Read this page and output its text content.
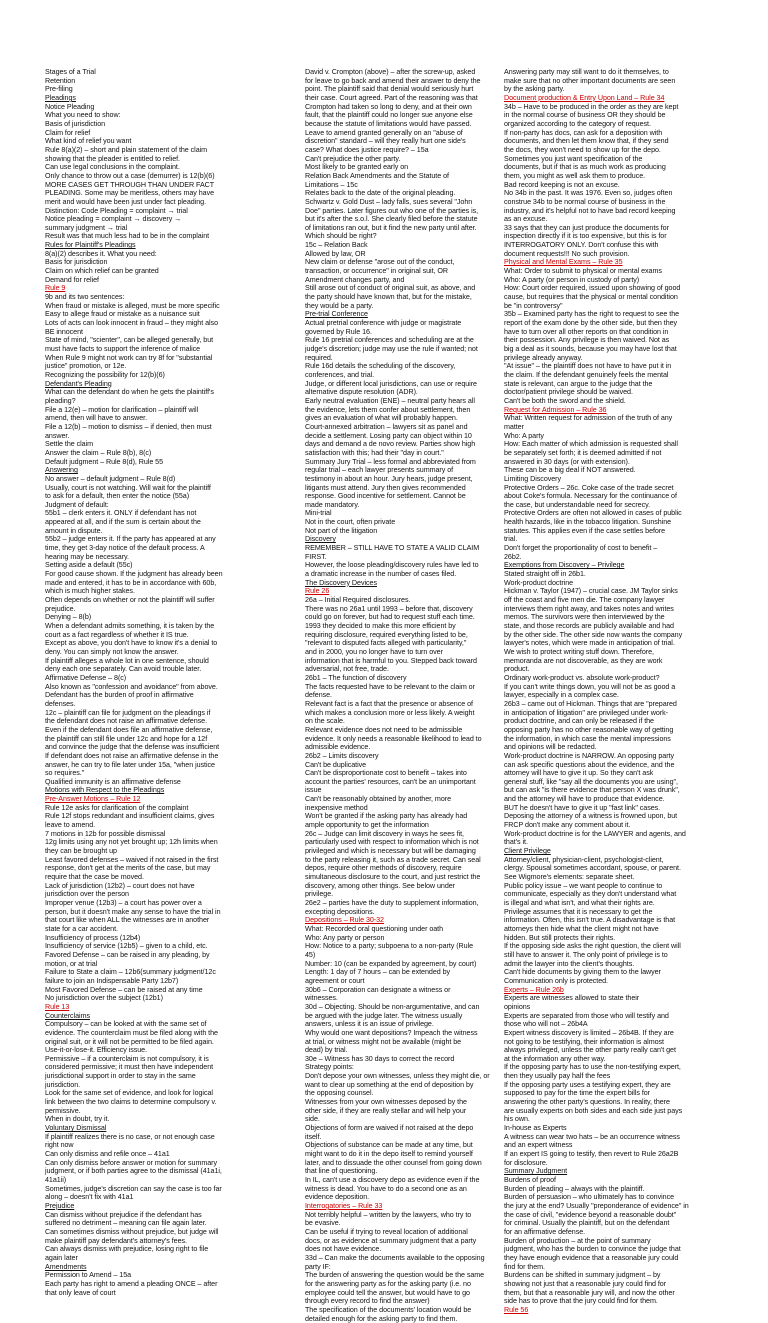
Stages of a Trial
Retention
Pre-filing
Pleadings
Notice Pleading
What you need to show:
Basis of jurisdiction
Claim for relief
What kind of relief you want
Rule 8(a)(2) – short and plain statement of the claim
showing that the pleader is entitled to relief.
Can use legal conclusions in the complaint.
Only chance to throw out a case (demurrer) is 12(b)(6)
MORE CASES GET THROUGH THAN UNDER FACT
PLEADING. Some may be meritless, others may have
merit and would have been just under fact pleading.
Distinction: Code Pleading = complaint → trial
Notice pleading = complaint → discovery →
summary judgment → trial
Result was that much less had to be in the complaint
Rules for Plaintiff's Pleadings
8(a)(2) describes it. What you need:
Basis for jurisdiction
Claim on which relief can be granted
Demand for relief
Rule 9
9b and its two sentences:
When fraud or mistake is alleged, must be more specific
Easy to allege fraud or mistake as a nuisance suit
Lots of acts can look innocent in fraud – they might also
BE innocent
State of mind, "scienter", can be alleged generally, but
must have facts to support the inference of malice
When Rule 9 might not work can try 8f for "substantial
justice" promotion, or 12e.
Recognizing the possibility for 12(b)(6)
Defendant's Pleading
What can the defendant do when he gets the plaintiff's
pleading?
File a 12(e) – motion for clarification – plaintiff will
amend, then will have to answer.
File a 12(b) – motion to dismiss – if denied, then must
answer.
Settle the claim
Answer the claim – Rule 8(b), 8(c)
Default judgment – Rule 8(d), Rule 55
Answering
No answer – default judgment – Rule 8(d)
Usually, court is not watching. Will wait for the plaintiff
to ask for a default, then enter the notice (55a)
Judgment of default:
55b1 – clerk enters it. ONLY if defendant has not
appeared at all, and if the sum is certain about the
amount in dispute.
55b2 – judge enters it. If the party has appeared at any
time, they get 3-day notice of the default process. A
hearing may be necessary.
Setting aside a default (55c)
For good cause shown. If the judgment has already been
made and entered, it has to be in accordance with 60b,
which is much higher stakes.
Often depends on whether or not the plaintiff will suffer
prejudice.
Denying – 8(b)
When a defendant admits something, it is taken by the
court as a fact regardless of whether it IS true.
Except as above, you don't have to know it's a denial to
deny. You can simply not know the answer.
If plaintiff alleges a whole lot in one sentence, should
deny each one separately. Can avoid trouble later.
Affirmative Defense – 8(c)
Also known as "confession and avoidance" from above.
Defendant has the burden of proof in affirmative
defenses.
12c – plaintiff can file for judgment on the pleadings if
the defendant does not raise an affirmative defense.
Even if the defendant does file an affirmative defense,
the plaintiff can still file under 12c and hope for a 12f
and convince the judge that the defense was insufficient
If defendant does not raise an affirmative defense in the
answer, he can try to file later under 15a, "when justice
so requires."
Qualified immunity is an affirmative defense
Motions with Respect to the Pleadings
Pre-Answer Motions – Rule 12
Rule 12e asks for clarification of the complaint
Rule 12f stops redundant and insufficient claims, gives
leave to amend.
7 motions in 12b for possible dismissal
12g limits using any not yet brought up; 12h limits when
they can be brought up
Least favored defenses – waived if not raised in the first
response, don't get at the merits of the case, but may
require that the case be moved.
Lack of jurisdiction (12b2) – court does not have
jurisdiction over the person
Improper venue (12b3) – a court has power over a
person, but it doesn't make any sense to have the trial in
that court like when ALL the witnesses are in another
state for a car accident.
Insufficiency of process (12b4)
Insufficiency of service (12b5) – given to a child, etc.
Favored Defense – can be raised in any pleading, by
motion, or at trial
Failure to State a claim – 12b6(summary judgment/12c
failure to join an Indispensable Party 12b7)
Most Favored Defense – can be raised at any time
No jurisdiction over the subject (12b1)
Rule 13
Counterclaims
Compulsory – can be looked at with the same set of
evidence. The counterclaim must be filed along with the
original suit, or it will not be permitted to be filed again.
Use-it-or-lose-it. Efficiency issue.
Permissive – if a counterclaim is not compulsory, it is
considered permissive; it must then have independent
jurisdictional support in order to stay in the same
jurisdiction.
Look for the same set of evidence, and look for logical
link between the two claims to determine compulsory v.
permissive.
When in doubt, try it.
Voluntary Dismissal
If plaintiff realizes there is no case, or not enough case
right now
Can only dismiss and refile once – 41a1
Can only dismiss before answer or motion for summary
judgment, or if both parties agree to the dismissal (41a1i,
41a1ii)
Sometimes, judge's discretion can say the case is too far
along – doesn't fix with 41a1
Prejudice
Can dismiss without prejudice if the defendant has
suffered no detriment – meaning can file again later.
Can sometimes dismiss without prejudice, but judge will
make plaintiff pay defendant's attorney's fees.
Can always dismiss with prejudice, losing right to file
again later
Amendments
Permission to Amend – 15a
Each party has right to amend a pleading ONCE – after
that only leave of court
David v. Crompton (above) – after the screw-up, asked
for leave to go back and amend their answer to deny the
point. The plaintiff said that denial would seriously hurt
their case. Court agreed. Part of the reasoning was that
Crompton had taken so long to deny, and at their own
fault, that the plaintiff could no longer sue anyone else
because the statute of limitations would have passed.
Leave to amend granted generally on an "abuse of
discretion" standard – will they really hurt one side's
case? What does justice require? – 15a
Can't prejudice the other party.
Most likely to be granted early on
Relation Back Amendments and the Statute of
Limitations – 15c
Relates back to the date of the original pleading.
Schwartz v. Gold Dust – lady falls, sues several "John
Doe" parties. Later figures out who one of the parties is,
but it's after the s.o.l. She clearly filed before the statute
of limitations ran out, but it find the new party until after.
Which should be right?
15c – Relation Back
Allowed by law, OR
New claim or defense "arose out of the conduct,
transaction, or occurrence" in original suit, OR
Amendment changes party, and
Still arose out of conduct of original suit, as above, and
the party should have known that, but for the mistake,
they would be a party.
Pre-trial Conference
Actual pretrial conference with judge or magistrate
governed by Rule 16.
Rule 16 pretrial conferences and scheduling are at the
judge's discretion; judge may use the rule if wanted; not
required.
Rule 16d details the scheduling of the discovery,
conferences, and trial.
Judge, or different local jurisdictions, can use or require
alternative dispute resolution (ADR).
Early neutral evaluation (ENE) – neutral party hears all
the evidence, lets them confer about settlement, then
gives an evaluation of what will probably happen.
Court-annexed arbitration – lawyers sit as panel and
decide a settlement. Losing party can object within 10
days and demand a de novo review. Parties show high
satisfaction with this; had their "day in court."
Summary Jury Trial – less formal and abbreviated from
regular trial – each lawyer presents summary of
testimony in about an hour. Jury hears, judge present,
litigants must attend. Jury then gives recommended
response. Good incentive for settlement. Cannot be
made mandatory.
Mini-trial
Not in the court, often private
Not part of the litigation
Discovery
REMEMBER – STILL HAVE TO STATE A VALID CLAIM FIRST.
However, the loose pleading/discovery rules have led to
a dramatic increase in the number of cases filed.
The Discovery Devices
Rule 26
26a – Initial Required disclosures.
There was no 26a1 until 1993 – before that, discovery
could go on forever, but had to request stuff each time.
1993 they decided to make this more efficient by
requiring disclosure, required everything listed to be,
"relevant to disputed facts alleged with particularity,"
and in 2000, you no longer have to turn over
information that is harmful to you. Stepped back toward
adversarial, not free, trade.
26b1 – The function of discovery
The facts requested have to be relevant to the claim or
defense.
Relevant fact is a fact that the presence or absence of
which makes a conclusion more or less likely. A weight
on the scale.
Relevant evidence does not need to be admissible
evidence. It only needs a reasonable likelihood to lead to
admissible evidence.
26b2 – Limits discovery
Can't be duplicative
Can't be disproportionate cost to benefit – takes into
account the parties' resources, can't be an unimportant
issue
Can't be reasonably obtained by another, more
inexpensive method
Won't be granted if the asking party has already had
ample opportunity to get the information
26c – Judge can limit discovery in ways he sees fit,
particularly used with respect to information which is not
privileged and which is necessary but will be damaging
to the party releasing it, such as a trade secret. Can seal
depos, require other methods of discovery, require
simultaneous disclosure to the court, and just restrict the
discovery, among other things. See below under
privilege.
26e2 – parties have the duty to supplement information,
excepting depositions.
Depositions – Rule 30-32
What: Recorded oral questioning under oath
Who: Any party or person
How: Notice to a party; subpoena to a non-party (Rule
45)
Number: 10 (can be expanded by agreement, by court)
Length: 1 day of 7 hours – can be extended by
agreement or court
30b6 – Corporation can designate a witness or
witnesses.
30d – Objecting. Should be non-argumentative, and can
be argued with the judge later. The witness usually
answers, unless it is an issue of privilege.
Why would one want depositions? Impeach the witness
at trial, or witness might not be available (might be
dead) by trial.
30e – Witness has 30 days to correct the record
Strategy points:
Don't depose your own witnesses, unless they might die, or
want to clear up something at the end of deposition by
the opposing counsel.
Witnesses from your own witnesses deposed by the
other side, if they are really stellar and will help your
side.
Objections of form are waived if not raised at the depo
itself.
Objections of substance can be made at any time, but
might want to do it in the depo itself to remind yourself
later, and to dissuade the other counsel from going down
that line of questioning.
In IL, can't use a discovery depo as evidence even if the
witness is dead. You have to do a second one as an
evidence deposition.
Interrogatories – Rule 33
Not terribly helpful – written by the lawyers, who try to
be evasive.
Can be useful if trying to reveal location of additional
docs, or as evidence at summary judgment that a party
does not have evidence.
33d – Can make the documents available to the opposing
party IF:
The burden of answering the question would be the same
for the answering party as for the asking party (i.e. no
employee could tell the answer, but would have to go
through every record to find the answer)
The specification of the documents' location would be
detailed enough for the asking party to find them.
Answering party may still want to do it themselves, to
make sure that no other important documents are seen
by the asking party.
Document production & Entry Upon Land – Rule 34
34b – Have to be produced in the order as they are kept
in the normal course of business OR they should be
organized according to the category of request.
If non-party has docs, can ask for a deposition with
documents, and then let them know that, if they send
the docs, they won't need to show up for the depo.
Sometimes you just want specification of the
documents, but if that is as much work as producing
them, you might as well ask them to produce.
Bad record keeping is not an excuse.
No 34b in the past. It was 1976. Even so, judges often
construe 34b to be normal course of business in the
industry, and it's helpful not to have bad record keeping
as an excuse.
33 says that they can just produce the documents for
inspection directly if it is too expensive, but this is for
INTERROGATORY ONLY. Don't confuse this with
document requests!!! No such provision.
Physical and Mental Exams – Rule 35
What: Order to submit to physical or mental exams
Who: A party (or person in custody of party)
How: Court order required, issued upon showing of good
cause, but requires that the physical or mental condition
be "in controversy"
35b – Examined party has the right to request to see the
report of the exam done by the other side, but then they
have to turn over all other reports on that condition in
their possession. Any privilege is then waived. Not as
big a deal as it sounds, because you may have lost that
privilege already anyway.
"At issue" – the plaintiff does not have to have put it in
the claim. If the defendant genuinely feels the mental
state is relevant, can argue to the judge that the
doctor/patient privilege should be waived.
Can't be both the sword and the shield.
Request for Admission – Rule 36
What: Written request for admission of the truth of any
matter
Who: A party
How: Each matter of which admission is requested shall
be separately set forth; it is deemed admitted if not
answered in 30 days (or with extension).
These can be a big deal if NOT answered.
Limiting Discovery
Protective Orders – 26c. Coke case of the trade secret
about Coke's formula. Necessary for the continuance of
the case, but understandable need for secrecy.
Protective Orders are often not allowed in cases of public
health hazards, like in the tobacco litigation. Sunshine
statutes. This applies even if the case settles before
trial.
Don't forget the proportionality of cost to benefit –
26b2.
Exemptions from Discovery – Privilege
Stated straight off in 26b1.
Work-product doctrine
Hickman v. Taylor (1947) – crucial case. JM Taylor sinks
off the coast and five men die. The company lawyer
interviews them right away, and takes notes and writes
memos. The survivors were then interviewed by the
state, and those records are publicly available and had
by the other side. The other side now wants the company
lawyer's notes, which were made in anticipation of trial.
We wish to protect writing stuff down. Therefore,
memoranda are not discoverable, as they are work
product.
Ordinary work-product vs. absolute work-product?
If you can't write things down, you will not be as good a
lawyer, especially in a complex case.
26b3 – came out of Hickman. Things that are "prepared
in anticipation of litigation" are privileged under work-
product doctrine, and can only be released if the
opposing party has no other reasonable way of getting
the information, in which case the mental impressions
and opinions will be redacted.
Work-product doctrine is NARROW. An opposing party
can ask specific questions about the evidence, and the
attorney will have to give it up. So they can't ask
general stuff, like "say all the documents you are using",
but can ask "is there evidence that person X was drunk",
and the attorney will have to produce that evidence.
BUT he doesn't have to give it up "fast link" cases.
Deposing the attorney of a witness is frowned upon, but
FRCP don't make any comment about it.
Work-product doctrine is for the LAWYER and agents, and
that's it.
Client Privilege
Attorney/client, physician-client, psychologist-client,
clergy. Spousal sometimes accordant, spouse, or parent.
See Wigmore's elements: separate sheet.
Public policy issue – we want people to continue to
communicate, especially as they don't understand what
is illegal and what isn't, and what their rights are.
Privilege assumes that it is necessary to get the
information. Often, this isn't true. A disadvantage is that
attorneys then hide what the client might not have
hidden. But still protects their rights.
If the opposing side asks the right question, the client will
still have to answer it. The only point of privilege is to
admit the lawyer into the client's thoughts.
Can't hide documents by giving them to the lawyer
Communication only is protected.
Experts – Rule 26b
Experts are witnesses allowed to state their
opinions
Experts are separated from those who will testify and
those who will not – 26b4A
Expert witness discovery is limited – 26b4B. If they are
not going to be testifying, their information is almost
always privileged, unless the other party really can't get
at the information any other way.
If the opposing party has to use the non-testifying expert,
then they usually pay half the fees
If the opposing party uses a testifying expert, they are
supposed to pay for the time the expert bills for
answering the other party's questions. In reality, there
are usually experts on both sides and each side just pays
his own.
In-house as Experts
A witness can wear two hats – be an occurrence witness
and an expert witness
If an expert IS going to testify, then revert to Rule 26a2B
for disclosure.
Summary Judgment
Burdens of proof
Burden of pleading – always with the plaintiff.
Burden of persuasion – who ultimately has to convince
the jury at the end? Usually "preponderance of evidence" in
the case of civil, "evidence beyond a reasonable doubt"
for criminal. Usually the plaintiff, but on the defendant
for an affirmative defense.
Burden of production – at the point of summary
judgment, who has the burden to convince the judge that
they have enough evidence that a reasonable jury could
find for them.
Burdens can be shifted in summary judgment – by
showing not just that a reasonable jury could find for
them, but that a reasonable jury will, and now the other
side has to prove that the jury could find for them.
Rule 56
